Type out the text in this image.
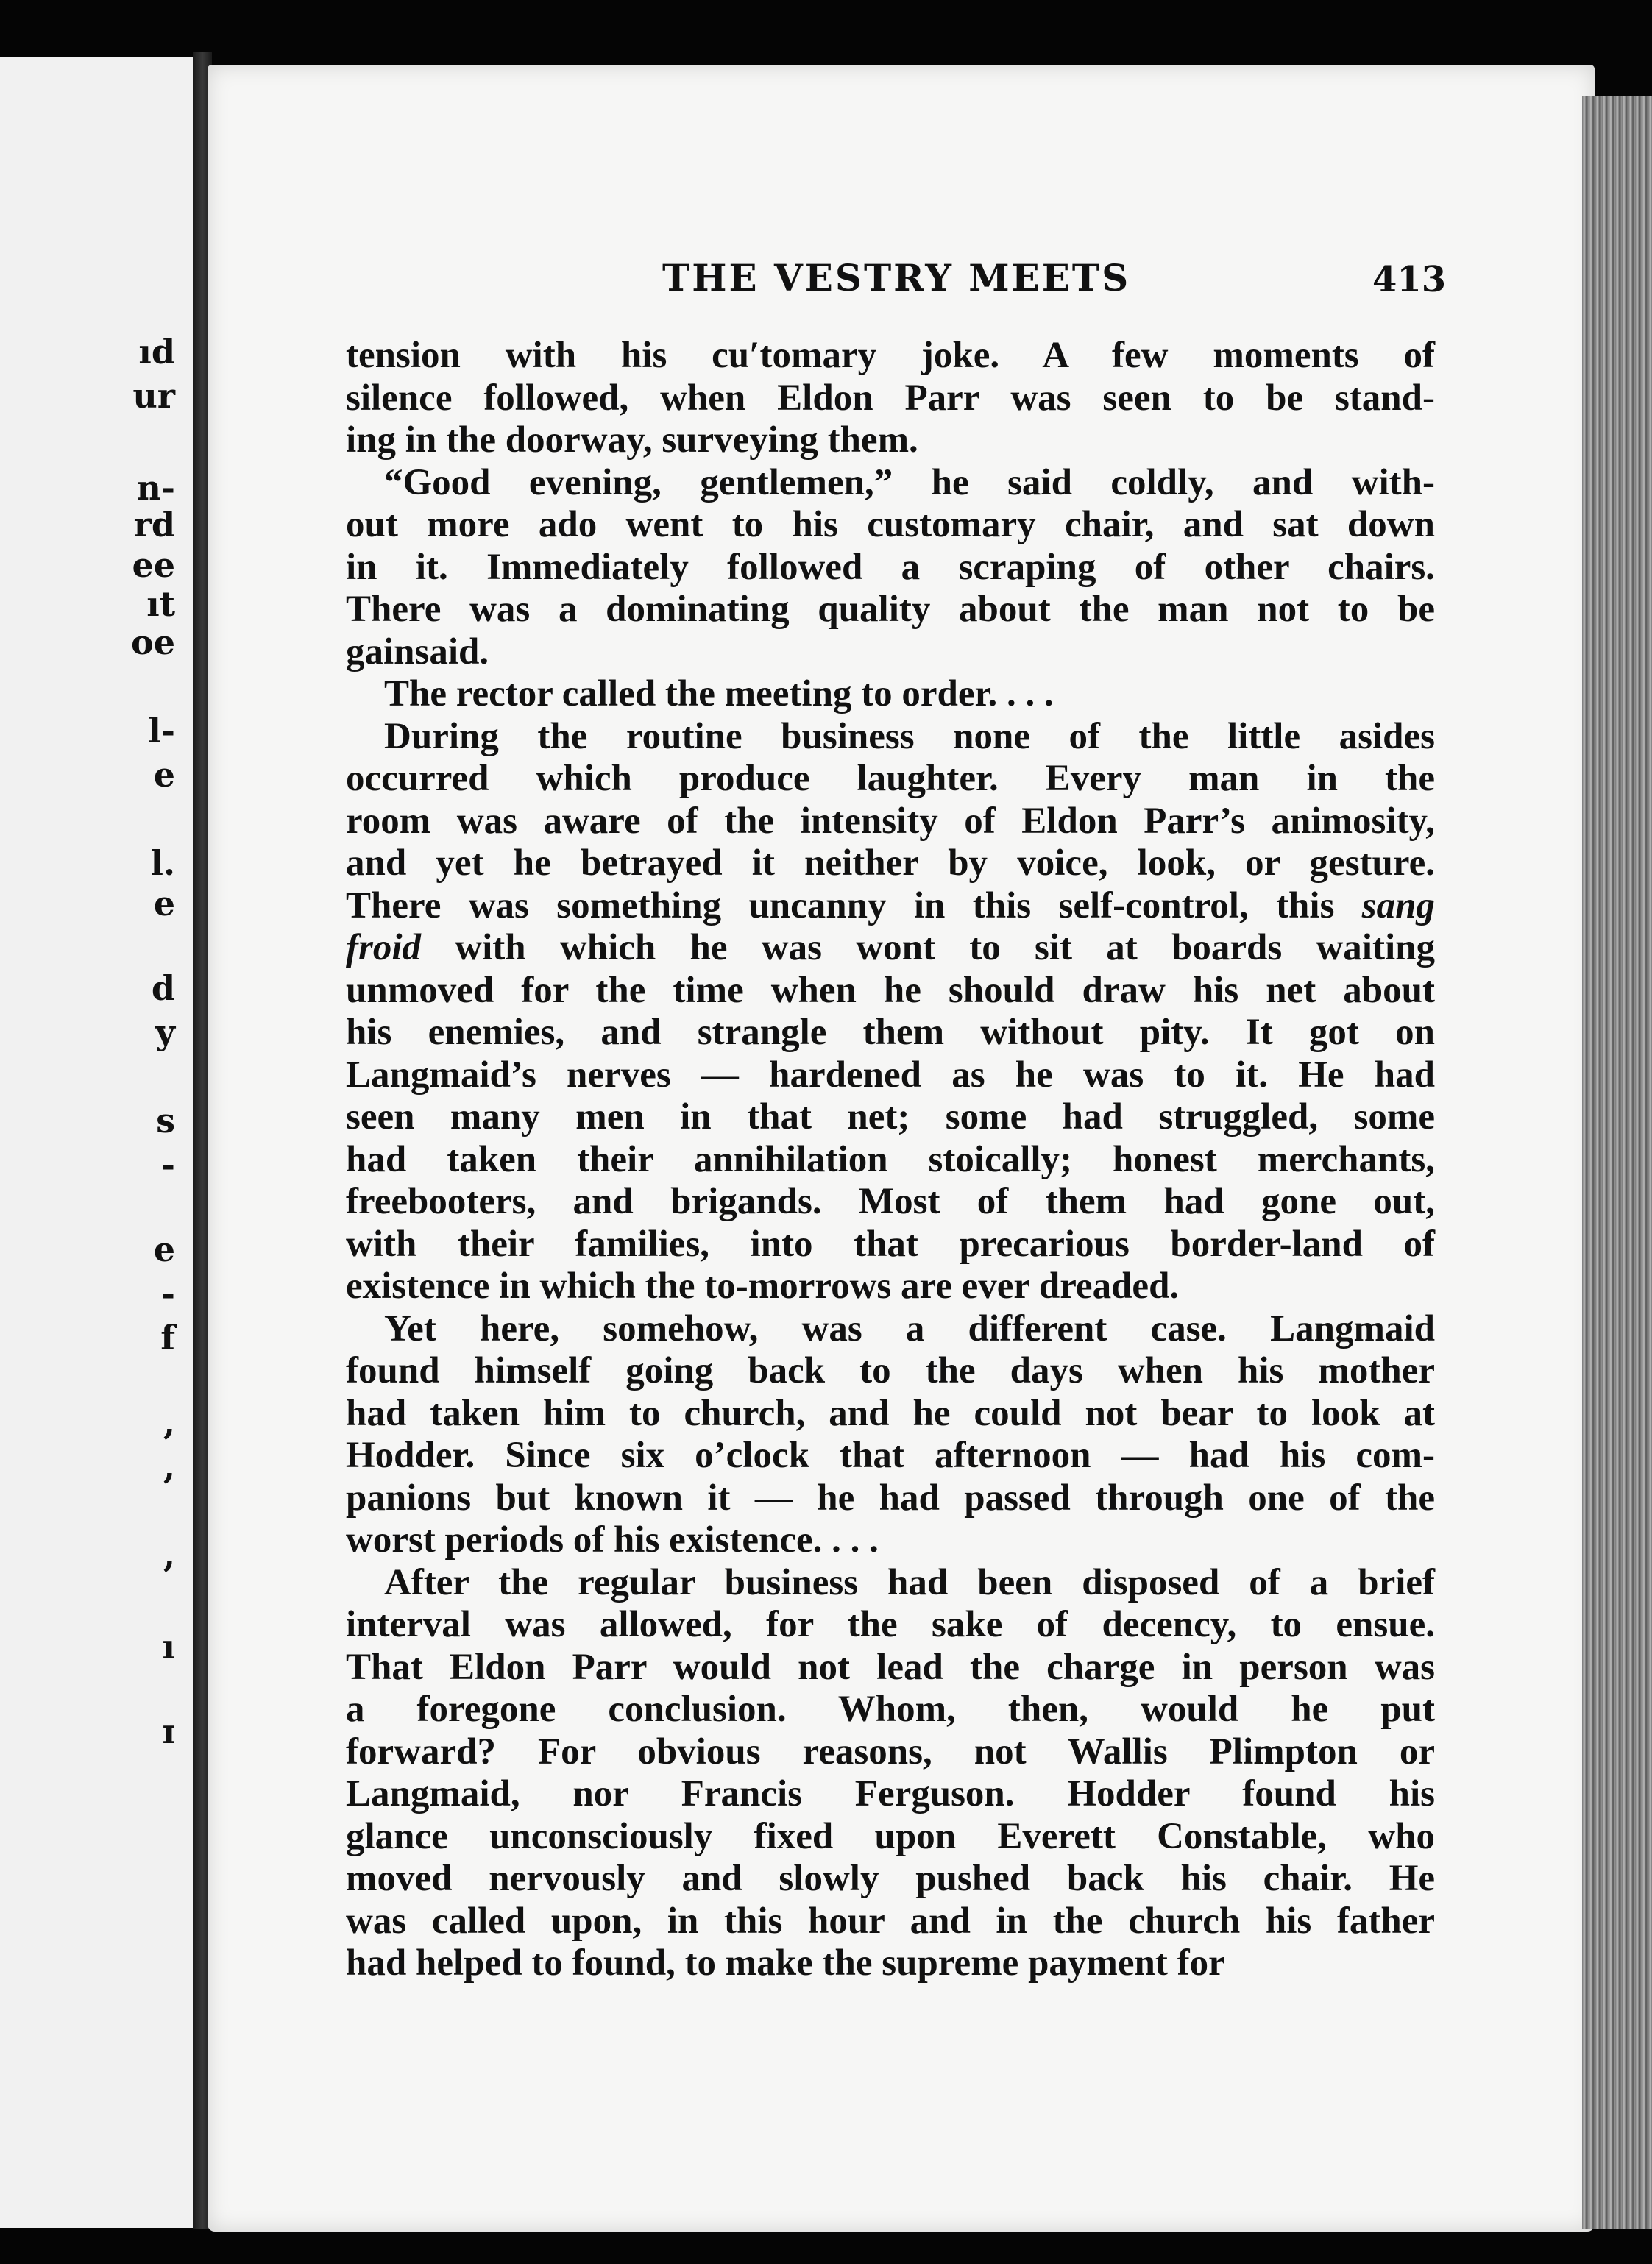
ıd
ur
n-
rd
ee
ıt
oe
l-
e
l.
e
d
y
s
-
e
-
f
,
,
,
ı
ɪ
THE VESTRY MEETS	413
tension with his cu′tomary joke. A few moments of
silence followed, when Eldon Parr was seen to be stand-
ing in the doorway, surveying them.
“Good evening, gentlemen,” he said coldly, and with-
out more ado went to his customary chair, and sat down
in it. Immediately followed a scraping of other chairs.
There was a dominating quality about the man not to be
gainsaid.
The rector called the meeting to order. . . .
During the routine business none of the little asides
occurred which produce laughter. Every man in the
room was aware of the intensity of Eldon Parr’s animosity,
and yet he betrayed it neither by voice, look, or gesture.
There was something uncanny in this self-control, this sang
froid with which he was wont to sit at boards waiting
unmoved for the time when he should draw his net about
his enemies, and strangle them without pity. It got on
Langmaid’s nerves — hardened as he was to it. He had
seen many men in that net; some had struggled, some
had taken their annihilation stoically; honest merchants,
freebooters, and brigands. Most of them had gone out,
with their families, into that precarious border-land of
existence in which the to-morrows are ever dreaded.
Yet here, somehow, was a different case. Langmaid
found himself going back to the days when his mother
had taken him to church, and he could not bear to look at
Hodder. Since six o’clock that afternoon — had his com-
panions but known it — he had passed through one of the
worst periods of his existence. . . .
After the regular business had been disposed of a brief
interval was allowed, for the sake of decency, to ensue.
That Eldon Parr would not lead the charge in person was
a foregone conclusion. Whom, then, would he put
forward? For obvious reasons, not Wallis Plimpton or
Langmaid, nor Francis Ferguson. Hodder found his
glance unconsciously fixed upon Everett Constable, who
moved nervously and slowly pushed back his chair. He
was called upon, in this hour and in the church his father
had helped to found, to make the supreme payment for
